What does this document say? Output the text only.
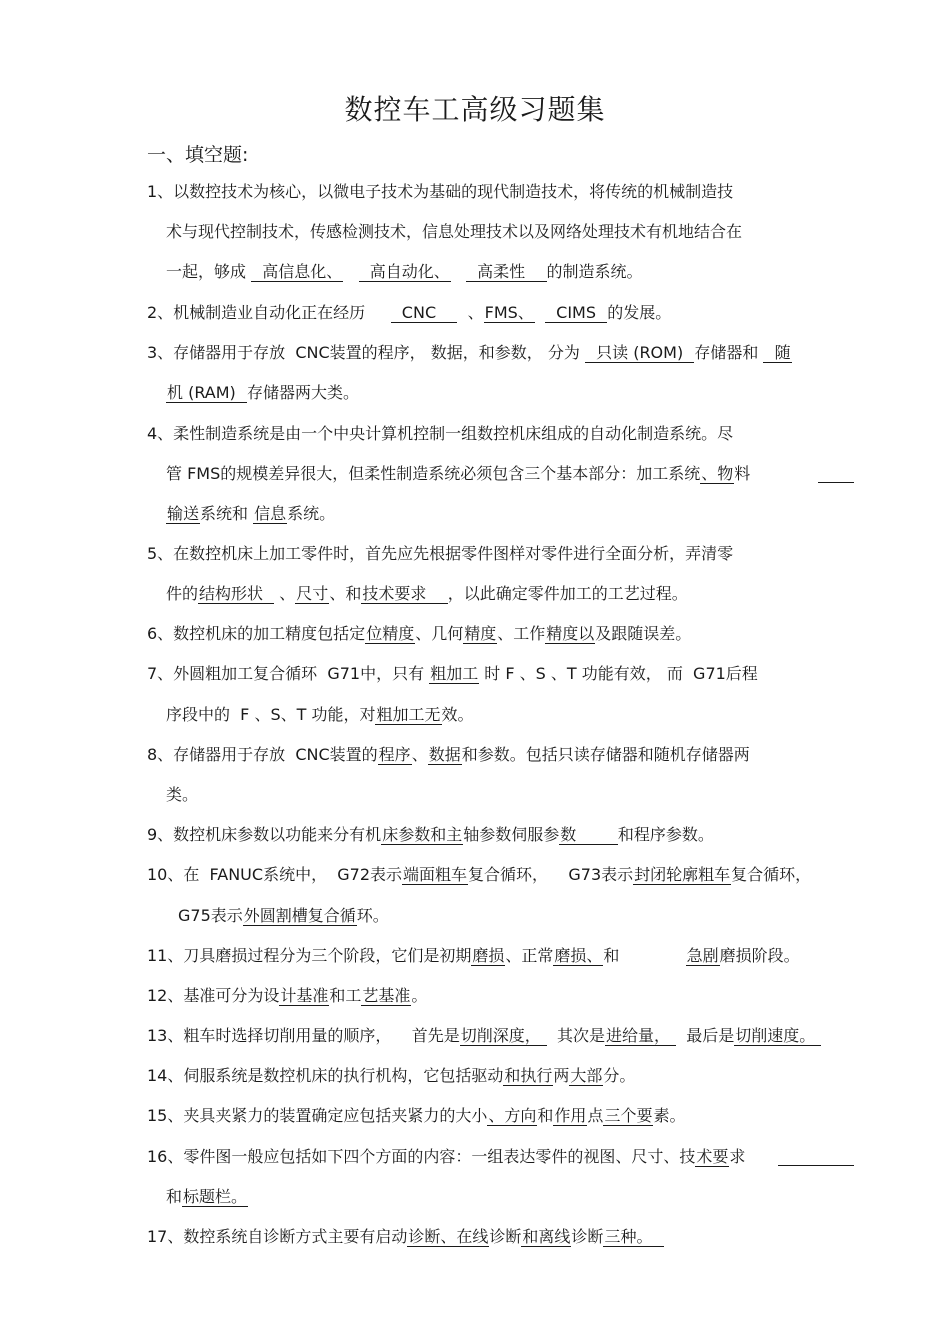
数控车工高级习题集
一、填空题:
1、以数控技术为核心，以微电子技术为基础的现代制造技术，将传统的机械制造技
术与现代控制技术，传感检测技术，信息处理技术以及网络处理技术有机地结合在
一起，够成   高信息化、     高自动化、     高柔性    的制造系统。
2、机械制造业自动化正在经历       CNC      、FMS、    CIMS  的发展。
3、存储器用于存放  CNC装置的程序， 数据，和参数， 分为   只读 (ROM)  存储器和   随
机 (RAM)  存储器两大类。
4、柔性制造系统是由一个中央计算机控制一组数控机床组成的自动化制造系统。尽
管 FMS的规模差异很大，但柔性制造系统必须包含三个基本部分：加工系统、物料
输送系统和 信息系统。
5、在数控机床上加工零件时，首先应先根据零件图样对零件进行全面分析，弄清零
件的结构形状   、尺寸、和技术要求    ，以此确定零件加工的工艺过程。
6、数控机床的加工精度包括定位精度、几何精度、工作精度以及跟随误差。
7、外圆粗加工复合循环  G71中，只有 粗加工 时 F 、S 、T 功能有效， 而  G71后程
序段中的  F 、S、T 功能，对粗加工无效。
8、存储器用于存放  CNC装置的程序、数据和参数。包括只读存储器和随机存储器两
类。
9、数控机床参数以功能来分有机床参数和主轴参数伺服参数        和程序参数。
10、在  FANUC系统中，  G72表示端面粗车复合循环，    G73表示封闭轮廓粗车复合循环，
G75表示外圆割槽复合循环。
11、刀具磨损过程分为三个阶段，它们是初期磨损、正常磨损、和	急剧磨损阶段。
12、基准可分为设计基准和工艺基准。
13、粗车时选择切削用量的顺序，    首先是切削深度，   其次是进给量，   最后是切削速度。
14、伺服系统是数控机床的执行机构，它包括驱动和执行两大部分。
15、夹具夹紧力的装置确定应包括夹紧力的大小、方向和作用点三个要素。
16、零件图一般应包括如下四个方面的内容：一组表达零件的视图、尺寸、技术要求
和标题栏。
17、数控系统自诊断方式主要有启动诊断、在线诊断和离线诊断三种。
